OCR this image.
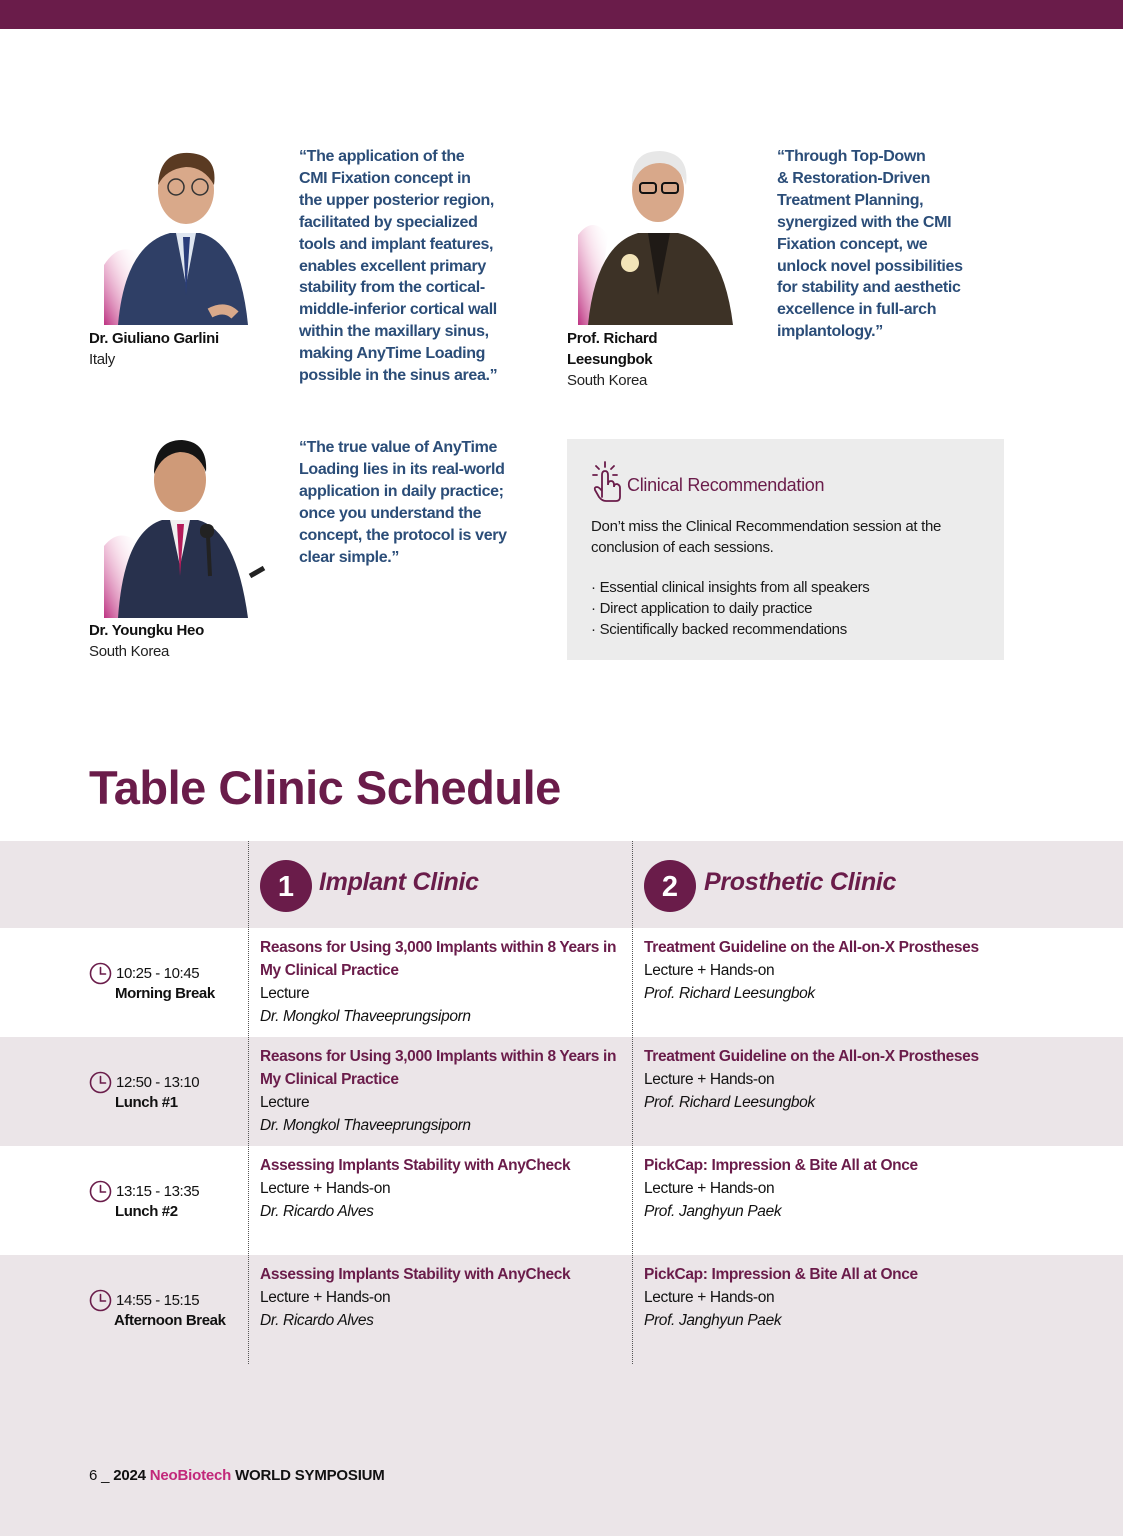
Dr. Giuliano Garlini
Italy
“The application of the
CMI Fixation concept in
the upper posterior region,
facilitated by specialized
tools and implant features,
enables excellent primary
stability from the cortical-
middle-inferior cortical wall
within the maxillary sinus,
making AnyTime Loading
possible in the sinus area.”
Prof. Richard
Leesungbok
South Korea
“Through Top-Down
& Restoration-Driven
Treatment Planning,
synergized with the CMI
Fixation concept, we
unlock novel possibilities
for stability and aesthetic
excellence in full-arch
implantology.”
Dr. Youngku Heo
South Korea
“The true value of AnyTime
Loading lies in its real-world
application in daily practice;
once you understand the
concept, the protocol is very
clear simple.”
Clinical Recommendation
Don’t miss the Clinical Recommendation session at the conclusion of each sessions.
· Essential clinical insights from all speakers
· Direct application to daily practice
· Scientifically backed recommendations
Table Clinic Schedule
1 Implant Clinic	2	Prosthetic Clinic
10:25 - 10:45
Morning Break
Reasons for Using 3,000 Implants within 8 Years in My Clinical Practice
Lecture
Dr. Mongkol Thaveeprungsiporn
Treatment Guideline on the All-on-X Prostheses
Lecture + Hands-on
Prof. Richard Leesungbok
12:50 - 13:10
Lunch #1
Reasons for Using 3,000 Implants within 8 Years in My Clinical Practice
Lecture
Dr. Mongkol Thaveeprungsiporn
Treatment Guideline on the All-on-X Prostheses
Lecture + Hands-on
Prof. Richard Leesungbok
13:15 - 13:35
Lunch #2
Assessing Implants Stability with AnyCheck
Lecture + Hands-on
Dr. Ricardo Alves
PickCap: Impression & Bite All at Once
Lecture + Hands-on
Prof. Janghyun Paek
14:55 - 15:15
Afternoon Break
Assessing Implants Stability with AnyCheck
Lecture + Hands-on
Dr. Ricardo Alves
PickCap: Impression & Bite All at Once
Lecture + Hands-on
Prof. Janghyun Paek
6 _ 2024 NeoBiotech WORLD SYMPOSIUM
